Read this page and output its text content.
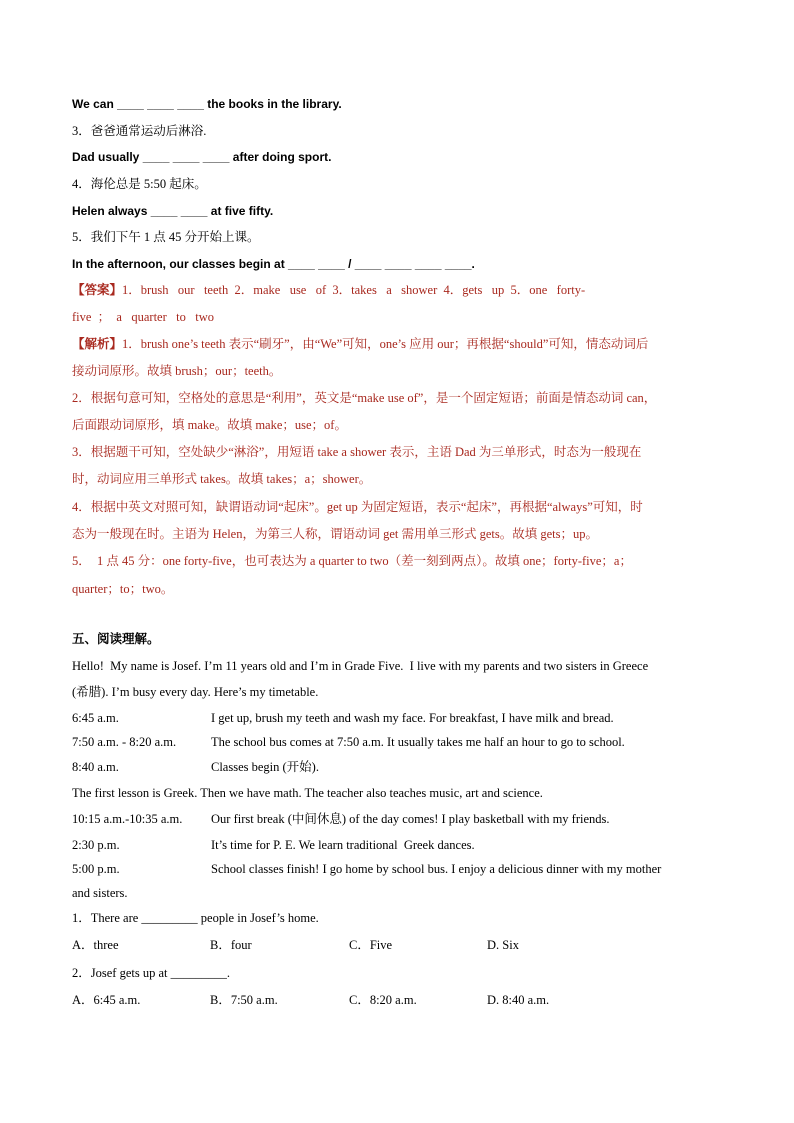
We can ____ ____ ____ the books in the library.
3．爸爸通常运动后淋浴.
Dad usually ____ ____ ____ after doing sport.
4．海伦总是 5:50 起床。
Helen always ____ ____ at five fifty.
5．我们下午 1 点 45 分开始上课。
In the afternoon, our classes begin at ____ ____ / ____ ____ ____ ____.
【答案】1．brush   our   teeth  2．make   use   of  3．takes   a   shower  4．gets   up  5．one   forty-
five  ；  a   quarter   to   two
【解析】1．brush one’s teeth 表示“刷牙”，由“We”可知，one’s 应用 our；再根据“should”可知，情态动词后
接动词原形。故填 brush；our；teeth。
2．根据句意可知，空格处的意思是“利用”，英文是“make use of”，是一个固定短语；前面是情态动词 can，
后面跟动词原形，填 make。故填 make；use；of。
3．根据题干可知，空处缺少“淋浴”，用短语 take a shower 表示，主语 Dad 为三单形式，时态为一般现在
时，动词应用三单形式 takes。故填 takes；a；shower。
4．根据中英文对照可知，缺谓语动词“起床”。get up 为固定短语，表示“起床”，再根据“always”可知，时
态为一般现在时。主语为 Helen，为第三人称，谓语动词 get 需用单三形式 gets。故填 gets；up。
5．  1 点 45 分：one forty-five，也可表达为 a quarter to two（差一刻到两点）。故填 one；forty-five；a；
quarter；to；two。
五、阅读理解。
Hello!  My name is Josef. I’m 11 years old and I’m in Grade Five.  I live with my parents and two sisters in Greece
(希腊). I’m busy every day. Here’s my timetable.
6:45 a.m.	I get up, brush my teeth and wash my face. For breakfast, I have milk and bread.
7:50 a.m. - 8:20 a.m.	The school bus comes at 7:50 a.m. It usually takes me half an hour to go to school.
8:40 a.m.	Classes begin (开始).
The first lesson is Greek. Then we have math. The teacher also teaches music, art and science.
10:15 a.m.-10:35 a.m. Our first break (中间休息) of the day comes! I play basketball with my friends.
2:30 p.m.	It’s time for P. E. We learn traditional  Greek dances.
5:00 p.m.	School classes finish! I go home by school bus. I enjoy a delicious dinner with my mother
and sisters.
1．There are _________ people in Josef’s home.
A．three	B．four	C．Five	D. Six
2．Josef gets up at _________.
A．6:45 a.m.	B．7:50 a.m.	C．8:20 a.m.	D. 8:40 a.m.
